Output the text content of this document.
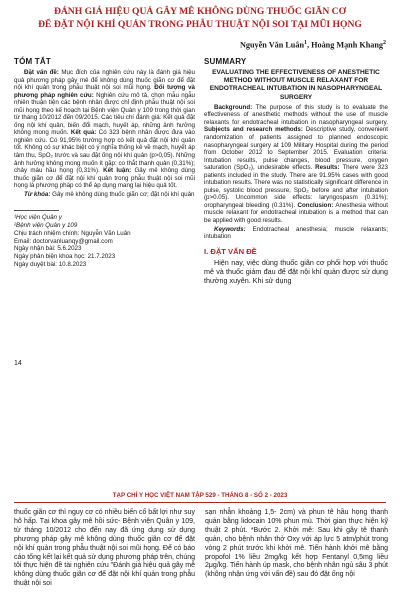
ĐÁNH GIÁ HIỆU QUẢ GÂY MÊ KHÔNG DÙNG THUỐC GIÃN CƠ

ĐỂ ĐẶT NỘI KHÍ QUẢN TRONG PHẪU THUẬT NỘI SOI TẠI MŨI HỌNG

Nguyễn Văn Luân$^1$, Hoàng Mạnh Khang$^2$
TÓM TẮT

Đặt vấn đề: Mục đích của nghiên cứu này là đánh giá hiệu quả phương pháp gây mê để không dùng thuốc giãn cơ để đặt nội khí quản trong phẫu thuật nội soi mũi họng. Đối tượng và phương pháp nghiên cứu: Nghiên cứu mô tả, chọn mẫu ngẫu nhiên thuận tiện các bệnh nhân được chỉ định phẫu thuật nội soi mũi họng theo kế hoạch tại Bệnh viện Quân y 109 trong thời gian từ tháng 10/2012 đến 09/2015. Các tiêu chí đánh giá: Kết quả đặt ống nội khí quản, biến đổi mạch, huyết áp, những ảnh hưởng không mong muốn. Kết quả: Có 323 bệnh nhân được đưa vào nghiên cứu. Có 91,95% trường hợp có kết quả đặt nội khí quản tốt. Không có sự khác biệt có ý nghĩa thống kê về mạch, huyết áp tâm thu, SpO₂ trước và sau đặt ống nội khí quản (p>0,05). Những ảnh hưởng không mong muốn ít gặp: co thắt thanh quản (0,31%); chảy máu hầu họng (0,31%). Kết luận: Gây mê không dùng thuốc giãn cơ để đặt nội khí quản trong phẫu thuật nội soi mũi họng là phương pháp có thể áp dụng mang lại hiệu quả tốt.

Từ khóa: Gây mê không dùng thuốc giãn cơ; đặt nội khí quản

¹Học viện Quân y
²Bệnh viện Quân y 109
Chịu trách nhiệm chính: Nguyễn Văn Luân
Email: doctorvanluanqy@gmail.com
Ngày nhận bài: 5.6.2023
Ngày phản biện khoa học: 21.7.2023
Ngày duyệt bài: 10.8.2023
SUMMARY

EVALUATING THE EFFECTIVENESS OF ANESTHETIC METHOD WITHOUT MUSCLE RELAXANT FOR ENDOTRACHEAL INTUBATION IN NASOPHARYNGEAL SURGERY

Background: The purpose of this study is to evaluate the effectiveness of anesthetic methods without the use of muscle relaxants for endotracheal intubation in nasopharyngeal surgery. Subjects and research methods: Descriptive study, convenient randomization of patients assigned to planned endoscopic nasopharyngeal surgery at 109 Military Hospital during the period from October 2012 to September 2015. Evaluation criteria: Intubation results, pulse changes, blood pressure, oxygen saturation (SpO₂), undesirable effects. Results: There were 323 patients included in the study. There are 91.95% cases with good intubation results. There was no statistically significant difference in pulse, systolic blood pressure, SpO₂ before and after intubation (p>0.05). Uncommon side effects: laryngospasm (0.31%); oropharyngeal bleeding (0.31%). Conclusion: Anesthesia without muscle relaxant for endotracheal intubation is a method that can be applied with good results.

Keywords: Endotracheal anesthesia; muscle relaxants; intubation

I. ĐẶT VẤN ĐỀ

Hiện nay, việc dùng thuốc giãn cơ phối hợp với thuốc mê và thuốc giảm đau để đặt nội khí quản được sử dụng thường xuyên. Khi sử dụng

14
TẠP CHÍ Y HỌC VIỆT NAM TẬP 529 - THÁNG 8 - SỐ 2 - 2023
thuốc giãn cơ thì nguy cơ có nhiều biến cố bất lợi như suy hô hấp. Tại khoa gây mê hồi sức- Bệnh viện Quân y 109, từ tháng 10/2012 cho đến nay đã ứng dụng sử dụng phương pháp gây mê không dùng thuốc giãn cơ để đặt nội khí quản trong phẫu thuật nội soi mũi họng. Để có báo cáo tổng kết lại kết quả sử dụng phương pháp trên, chúng tôi thực hiện đề tài nghiên cứu "Đánh giá hiệu quả gây mê không dùng thuốc giãn cơ để đặt nội khí quản trong phẫu thuật nội soi
sạn nhẫn khoảng 1,5- 2cm) và phun tê hầu họng thanh quản bằng lidocain 10% phun mù. Thời gian thực hiện kỹ thuật 2 phút. *Bước 2. Khởi mê: Sau khi gây tê thanh quản, cho bệnh nhân thở Oxy với áp lực 5 atm/phút trong vòng 2 phút trước khi khởi mê. Tiến hành khởi mê bằng propofol 1% liều 2mg/kg kết hợp Fentanyl 0,5mg liều 2μg/kg. Tiến hành úp mask, cho bệnh nhân ngủ sâu 3 phút (không nhận ứng với vấn đề) sau đó đặt ống nội
